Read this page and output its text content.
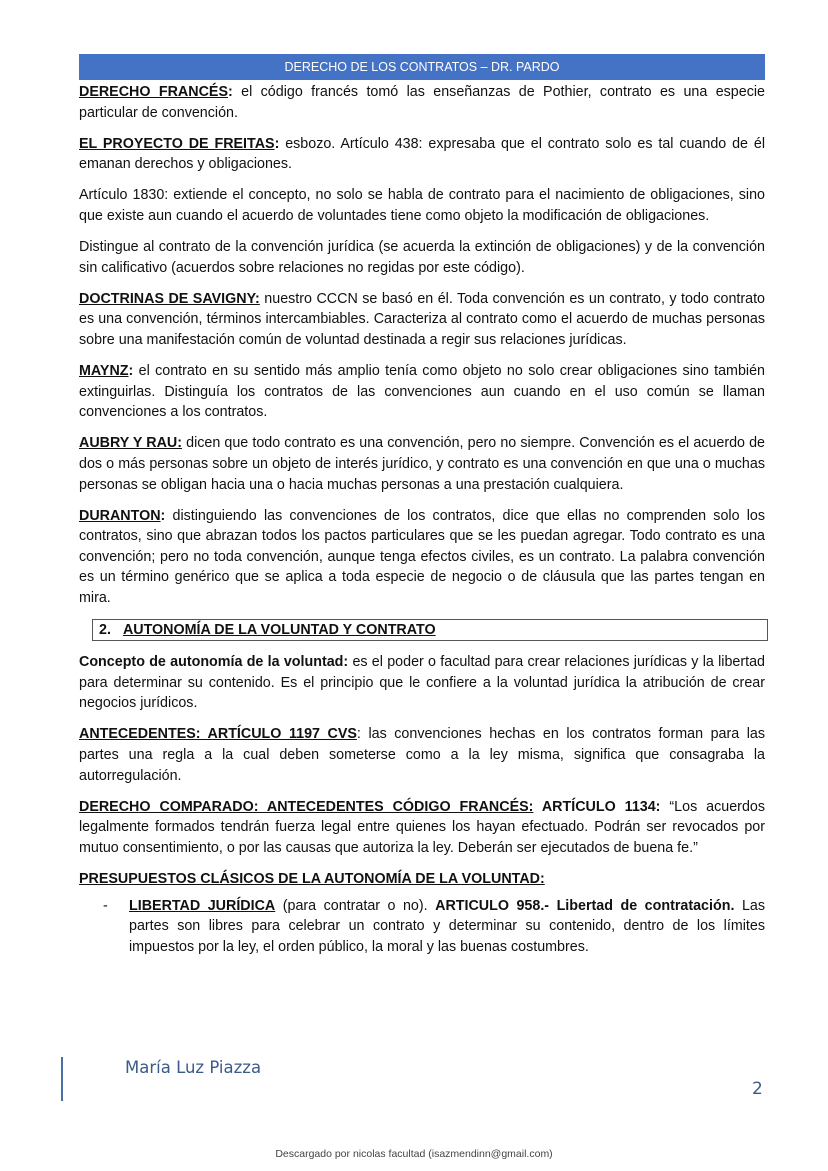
DERECHO DE LOS CONTRATOS – DR. PARDO

DERECHO FRANCÉS: el código francés tomó las enseñanzas de Pothier, contrato es una especie particular de convención.

EL PROYECTO DE FREITAS: esbozo. Artículo 438: expresaba que el contrato solo es tal cuando de él emanan derechos y obligaciones.

Artículo 1830: extiende el concepto, no solo se habla de contrato para el nacimiento de obligaciones, sino que existe aun cuando el acuerdo de voluntades tiene como objeto la modificación de obligaciones.

Distingue al contrato de la convención jurídica (se acuerda la extinción de obligaciones) y de la convención sin calificativo (acuerdos sobre relaciones no regidas por este código).

DOCTRINAS DE SAVIGNY: nuestro CCCN se basó en él. Toda convención es un contrato, y todo contrato es una convención, términos intercambiables. Caracteriza al contrato como el acuerdo de muchas personas sobre una manifestación común de voluntad destinada a regir sus relaciones jurídicas.

MAYNZ: el contrato en su sentido más amplio tenía como objeto no solo crear obligaciones sino también extinguirlas. Distinguía los contratos de las convenciones aun cuando en el uso común se llaman convenciones a los contratos.

AUBRY Y RAU: dicen que todo contrato es una convención, pero no siempre. Convención es el acuerdo de dos o más personas sobre un objeto de interés jurídico, y contrato es una convención en que una o muchas personas se obligan hacia una o hacia muchas personas a una prestación cualquiera.

DURANTON: distinguiendo las convenciones de los contratos, dice que ellas no comprenden solo los contratos, sino que abrazan todos los pactos particulares que se les puedan agregar. Todo contrato es una convención; pero no toda convención, aunque tenga efectos civiles, es un contrato. La palabra convención es un término genérico que se aplica a toda especie de negocio o de cláusula que las partes tengan en mira.

2. AUTONOMÍA DE LA VOLUNTAD Y CONTRATO

Concepto de autonomía de la voluntad: es el poder o facultad para crear relaciones jurídicas y la libertad para determinar su contenido. Es el principio que le confiere a la voluntad jurídica la atribución de crear negocios jurídicos.

ANTECEDENTES: ARTÍCULO 1197 CVS: las convenciones hechas en los contratos forman para las partes una regla a la cual deben someterse como a la ley misma, significa que consagraba la autorregulación.

DERECHO COMPARADO: ANTECEDENTES CÓDIGO FRANCÉS: ARTÍCULO 1134: “Los acuerdos legalmente formados tendrán fuerza legal entre quienes los hayan efectuado. Podrán ser revocados por mutuo consentimiento, o por las causas que autoriza la ley. Deberán ser ejecutados de buena fe.”

PRESUPUESTOS CLÁSICOS DE LA AUTONOMÍA DE LA VOLUNTAD:

- LIBERTAD JURÍDICA (para contratar o no). ARTICULO 958.- Libertad de contratación. Las partes son libres para celebrar un contrato y determinar su contenido, dentro de los límites impuestos por la ley, el orden público, la moral y las buenas costumbres.
María Luz Piazza
2
Descargado por nicolas facultad (isazmendinn@gmail.com)
